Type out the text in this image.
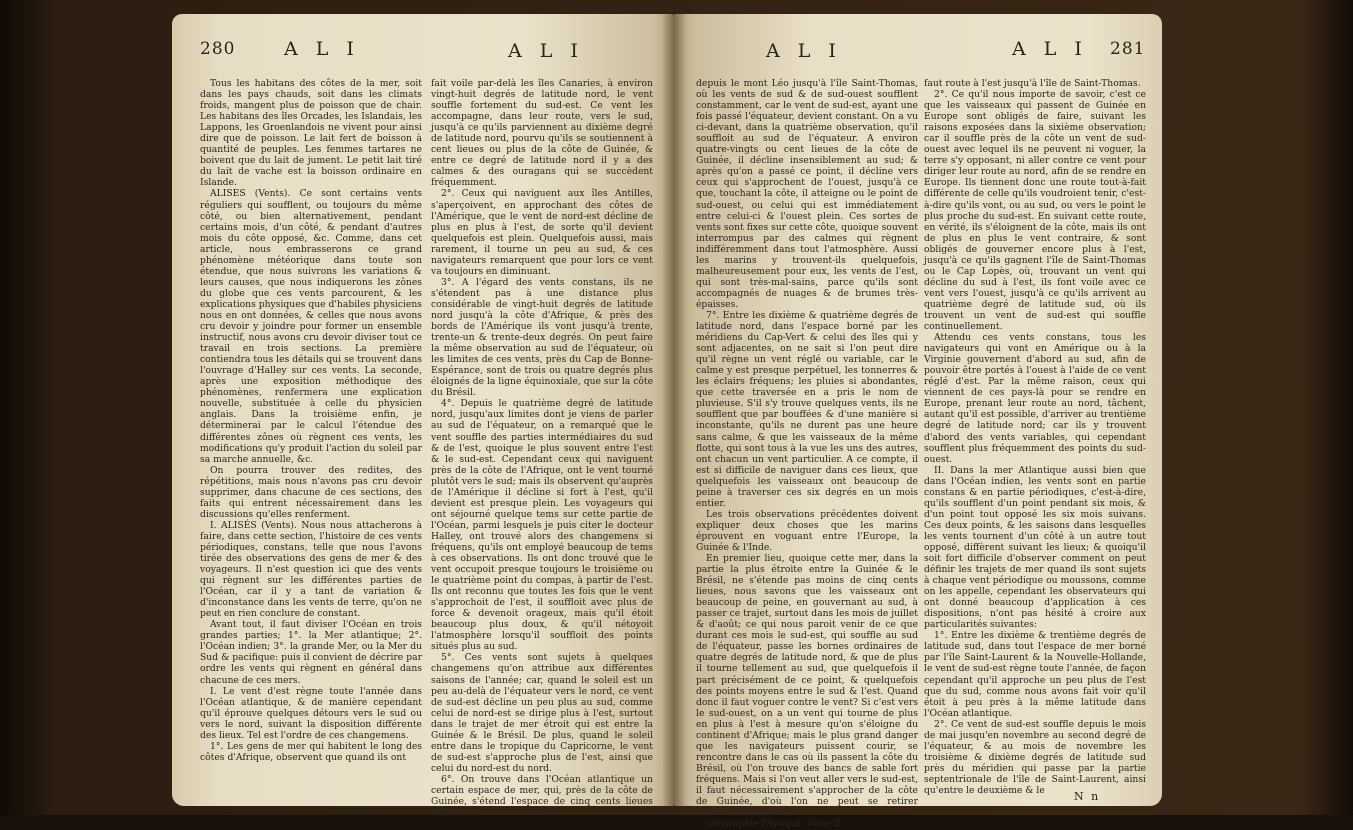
280	A L I	A L I

Tous les habitans des côtes de la mer, soit dans les pays chauds, soit dans les climats froids, mangent plus de poisson que de chair. Les habitans des îles Orcades, les Islandais, les Lappons, les Groenlandois ne vivent pour ainsi dire que de poisson. Le lait fert de boisson à quantité de peuples. Les femmes tartares ne boivent que du lait de jument. Le petit lait tiré du lait de vache est la boisson ordinaire en Islande.

ALISES (Vents). Ce sont certains vents réguliers qui soufflent, ou toujours du même côté, ou bien alternativement, pendant certains mois, d'un côté, & pendant d'autres mois du côte opposé, &c. Comme, dans cet article, nous embrasserons ce grand phénomène météorique dans toute son étendue, que nous suivrons les variations & leurs causes, que nous indiquerons les zônes du globe que ces vents parcourent, & les explications physiques que d'habiles physiciens nous en ont données, & celles que nous avons cru devoir y joindre pour former un ensemble instructif, nous avons cru devoir diviser tout ce travail en trois sections. La première contiendra tous les détails qui se trouvent dans l'ouvrage d'Halley sur ces vents. La seconde, après une exposition méthodique des phénomènes, renfermera une explication nouvelle, substituée à celle du physicien anglais. Dans la troisième enfin, je déterminerai par le calcul l'étendue des différentes zônes où règnent ces vents, les modifications qu'y produit l'action du soleil par sa marche annuelle, &c.

On pourra trouver des redites, des répétitions, mais nous n'avons pas cru devoir supprimer, dans chacune de ces sections, des faits qui entrent nécessairement dans les discussions qu'elles renferment.

I. ALISÉS (Vents). Nous nous attacherons à faire, dans cette section, l'histoire de ces vents périodiques, constans, telle que nous l'avons tirée des observations des gens de mer & des voyageurs. Il n'est question ici que des vents qui règnent sur les différentes parties de l'Océan, car il y a tant de variation & d'inconstance dans les vents de terre, qu'on ne peut en rien conclure de constant.

Avant tout, il faut diviser l'Océan en trois grandes parties; 1°. la Mer atlantique; 2°. l'Océan indien; 3°. la grande Mer, ou la Mer du Sud & pacifique: puis il convient de décrire par ordre les vents qui règnent en général dans chacune de ces mers.

I. Le vent d'est règne toute l'année dans l'Océan atlantique, & de manière cependant qu'il éprouve quelques détours vers le sud ou vers le nord, suivant la disposition différente des lieux. Tel est l'ordre de ces changemens.

1°. Les gens de mer qui habitent le long des côtes d'Afrique, observent que quand ils ont

fait voile par-delà les îles Canaries, à environ vingt-huit degrés de latitude nord, le vent souffle fortement du sud-est. Ce vent les accompagne, dans leur route, vers le sud, jusqu'à ce qu'ils parviennent au dixième degré de latitude nord, pourvu qu'ils se soutiennent à cent lieues ou plus de la côte de Guinée, & entre ce degré de latitude nord il y a des calmes & des ouragans qui se succèdent fréquemment.

2°. Ceux qui naviguent aux îles Antilles, s'aperçoivent, en approchant des côtes de l'Amérique, que le vent de nord-est décline de plus en plus à l'est, de sorte qu'il devient quelquefois est plein. Quelquefois aussi, mais rarement, il tourne un peu au sud, & ces navigateurs remarquent que pour lors ce vent va toujours en diminuant.

3°. A l'égard des vents constans, ils ne s'étendent pas à une distance plus considérable de vingt-huit degrés de latitude nord jusqu'à la côte d'Afrique, & près des bords de l'Amérique ils vont jusqu'à trente, trente-un & trente-deux degrés. On peut faire la même observation au sud de l'équateur, où les limites de ces vents, près du Cap de Bonne-Espérance, sont de trois ou quatre degrés plus éloignés de la ligne équinoxiale, que sur la côte du Brésil.

4°. Depuis le quatrième degré de latitude nord, jusqu'aux limites dont je viens de parler au sud de l'équateur, on a remarqué que le vent souffle des parties intermédiaires du sud & de l'est, quoique le plus souvent entre l'est & le sud-est. Cependant ceux qui naviguent près de la côte de l'Afrique, ont le vent tourné plutôt vers le sud; mais ils observent qu'auprès de l'Amérique il décline si fort à l'est, qu'il devient est presque plein. Les voyageurs qui ont séjourné quelque tems sur cette partie de l'Océan, parmi lesquels je puis citer le docteur Halley, ont trouvé alors des changemens si fréquens, qu'ils ont employé beaucoup de tems à ces observations. Ils ont donc trouvé que le vent occupoit presque toujours le troisième ou le quatrième point du compas, à partir de l'est. Ils ont reconnu que toutes les fois que le vent s'approchoit de l'est, il souffloit avec plus de force & devenoit orageux, mais qu'il étoit beaucoup plus doux, & qu'il nétoyoit l'atmosphère lorsqu'il souffloit des points situés plus au sud.

5°. Ces vents sont sujets à quelques changemens qu'on attribue aux différentes saisons de l'année; car, quand le soleil est un peu au-delà de l'équateur vers le nord, ce vent de sud-est décline un peu plus au sud, comme celui de nord-est se dirige plus à l'est, surtout dans le trajet de mer étroit qui est entre la Guinée & le Brésil. De plus, quand le soleil entre dans le tropique du Capricorne, le vent de sud-est s'approche plus de l'est, ainsi que celui du nord-est du nord.

6°. On trouve dans l'Océan atlantique un certain espace de mer, qui, près de la côte de Guinée, s'étend l'espace de cinq cents lieues depuis

A L I	A L I 281

depuis le mont Léo jusqu'à l'île Saint-Thomas, où les vents de sud & de sud-ouest soufflent constamment, car le vent de sud-est, ayant une fois passé l'équateur, devient constant. On a vu ci-devant, dans la quatrième observation, qu'il souffloit au sud de l'équateur. A environ quatre-vingts ou cent lieues de la côte de Guinée, il décline insensiblement au sud; & après qu'on a passé ce point, il décline vers ceux qui s'approchent de l'ouest, jusqu'à ce que, touchant la côte, il atteigne ou le point de sud-ouest, ou celui qui est immédiatement entre celui-ci & l'ouest plein. Ces sortes de vents sont fixes sur cette côte, quoique souvent interrompus par des calmes qui règnent indifféremment dans tout l'atmosphère. Aussi les marins y trouvent-ils quelquefois, malheureusement pour eux, les vents de l'est, qui sont très-mal-sains, parce qu'ils sont accompagnés de nuages & de brumes très-épaisses.

7°. Entre les dixième & quatrième degrés de latitude nord, dans l'espace borné par les méridiens du Cap-Vert & celui des îles qui y sont adjacentes, on ne sait si l'on peut dire qu'il règne un vent réglé ou variable, car le calme y est presque perpétuel, les tonnerres & les éclairs fréquens; les pluies si abondantes, que cette traversée en a pris le nom de pluvieuse. S'il s'y trouve quelques vents, ils ne soufflent que par bouffées & d'une manière si inconstante, qu'ils ne durent pas une heure sans calme, & que les vaisseaux de la même flotte, qui sont tous à la vue les uns des autres, ont chacun un vent particulier. A ce compte, il est si difficile de naviguer dans ces lieux, que quelquefois les vaisseaux ont beaucoup de peine à traverser ces six degrés en un mois entier.

Les trois observations précédentes doivent expliquer deux choses que les marins éprouvent en voguant entre l'Europe, la Guinée & l'Inde.

En premier lieu, quoique cette mer, dans la partie la plus étroite entre la Guinée & le Brésil, ne s'étende pas moins de cinq cents lieues, nous savons que les vaisseaux ont beaucoup de peine, en gouvernant au sud, à passer ce trajet, surtout dans les mois de juillet & d'août; ce qui nous paroit venir de ce que durant ces mois le sud-est, qui souffle au sud de l'équateur, passe les bornes ordinaires de quatre degrés de latitude nord, & que de plus il tourne tellement au sud, que quelquefois il part précisément de ce point, & quelquefois des points moyens entre le sud & l'est. Quand donc il faut voguer contre le vent? Si c'est vers le sud-ouest, on a un vent qui tourne de plus en plus à l'est à mesure qu'on s'éloigne du continent d'Afrique; mais le plus grand danger que les navigateurs puissent courir, se rencontre dans le cas où ils passent la côte du Brésil, où l'on trouve des bancs de sable fort fréquens. Mais si l'on veut aller vers le sud-est, il faut nécessairement s'approcher de la côte de Guinée, d'où l'on ne peut se retirer autrement qu'en fai-

Géographie-Physique. Tome II.

faut route à l'est jusqu'à l'île de Saint-Thomas.

2°. Ce qu'il nous importe de savoir, c'est ce que les vaisseaux qui passent de Guinée en Europe sont obligés de faire, suivant les raisons exposées dans la sixième observation; car il souffle près de la côte un vent de sud-ouest avec lequel ils ne peuvent ni voguer, la terre s'y opposant, ni aller contre ce vent pour diriger leur route au nord, afin de se rendre en Europe. Ils tiennent donc une route tout-à-fait différente de celle qu'ils voudroient tenir, c'est-à-dire qu'ils vont, ou au sud, ou vers le point le plus proche du sud-est. En suivant cette route, en vérité, ils s'éloignent de la côte, mais ils ont de plus en plus le vent contraire, & sont obligés de gouverner encore plus à l'est, jusqu'à ce qu'ils gagnent l'île de Saint-Thomas ou le Cap Lopès, où, trouvant un vent qui décline du sud à l'est, ils font voile avec ce vent vers l'ouest, jusqu'à ce qu'ils arrivent au quatrième degré de latitude sud, où ils trouvent un vent de sud-est qui souffle continuellement.

Attendu ces vents constans, tous les navigateurs qui vont en Amérique ou à la Virginie gouvernent d'abord au sud, afin de pouvoir être portés à l'ouest à l'aide de ce vent réglé d'est. Par la même raison, ceux qui viennent de ces pays-là pour se rendre en Europe, prenant leur route au nord, tâchent, autant qu'il est possible, d'arriver au trentième degré de latitude nord; car ils y trouvent d'abord des vents variables, qui cependant soufflent plus fréquemment des points du sud-ouest.

II. Dans la mer Atlantique aussi bien que dans l'Océan indien, les vents sont en partie constans & en partie périodiques, c'est-à-dire, qu'ils soufflent d'un point pendant six mois, & d'un point tout opposé les six mois suivans. Ces deux points, & les saisons dans lesquelles les vents tournent d'un côté à un autre tout opposé, diffèrent suivant les lieux; & quoiqu'il soit fort difficile d'observer comment on peut définir les trajets de mer quand ils sont sujets à chaque vent périodique ou moussons, comme on les appelle, cependant les observateurs qui ont donné beaucoup d'application à ces dispositions, n'ont pas hésité à croire aux particularités suivantes:

1°. Entre les dixième & trentième degrés de latitude sud, dans tout l'espace de mer borné par l'île Saint-Laurent & la Nouvelle-Hollande, le vent de sud-est règne toute l'année, de façon cependant qu'il approche un peu plus de l'est que du sud, comme nous avons fait voir qu'il étoit à peu près à la même latitude dans l'Océan atlantique.

2°. Ce vent de sud-est souffle depuis le mois de mai jusqu'en novembre au second degré de l'équateur, & au mois de novembre les troisième & dixième degrés de latitude sud près du méridien qui passe par la partie septentrionale de l'île de Saint-Laurent, ainsi qu'entre le deuxième & le	N n
